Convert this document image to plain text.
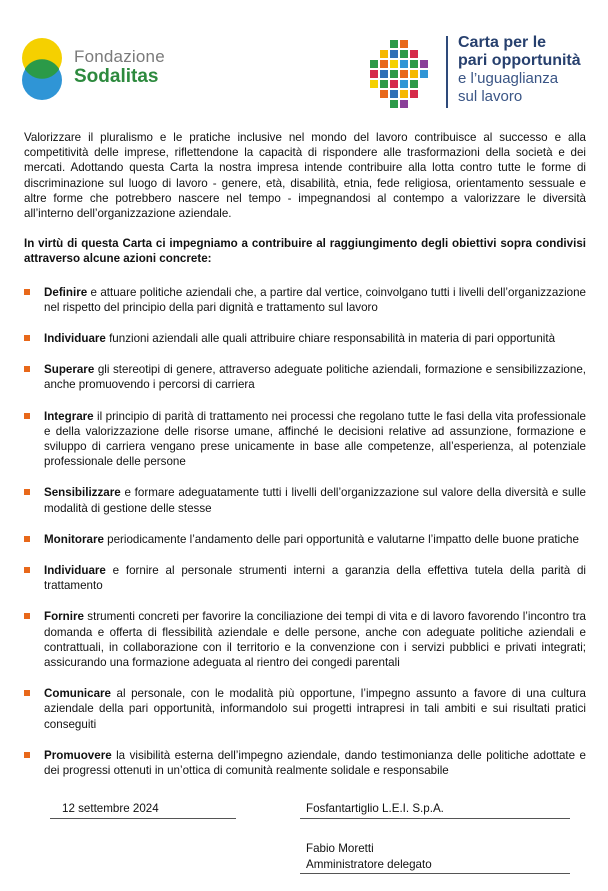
Fondazione
Sodalitas
Carta per le
pari opportunità
e l’uguaglianza
sul lavoro

Valorizzare il pluralismo e le pratiche inclusive nel mondo del lavoro contribuisce al successo e alla competitività delle imprese, riflettendone la capacità di rispondere alle trasformazioni della società e dei mercati. Adottando questa Carta la nostra impresa intende contribuire alla lotta contro tutte le forme di discriminazione sul luogo di lavoro - genere, età, disabilità, etnia, fede religiosa, orientamento sessuale e altre forme che potrebbero nascere nel tempo - impegnandosi al contempo a valorizzare le diversità all’interno dell’organizzazione aziendale.

In virtù di questa Carta ci impegniamo a contribuire al raggiungimento degli obiettivi sopra condivisi attraverso alcune azioni concrete:

Definire e attuare politiche aziendali che, a partire dal vertice, coinvolgano tutti i livelli dell’organizzazione nel rispetto del principio della pari dignità e trattamento sul lavoro
Individuare funzioni aziendali alle quali attribuire chiare responsabilità in materia di pari opportunità
Superare gli stereotipi di genere, attraverso adeguate politiche aziendali, formazione e sensibilizzazione, anche promuovendo i percorsi di carriera
Integrare il principio di parità di trattamento nei processi che regolano tutte le fasi della vita professionale e della valorizzazione delle risorse umane, affinché le decisioni relative ad assunzione, formazione e sviluppo di carriera vengano prese unicamente in base alle competenze, all’esperienza, al potenziale professionale delle persone
Sensibilizzare e formare adeguatamente tutti i livelli dell’organizzazione sul valore della diversità e sulle modalità di gestione delle stesse
Monitorare periodicamente l’andamento delle pari opportunità e valutarne l’impatto delle buone pratiche
Individuare e fornire al personale strumenti interni a garanzia della effettiva tutela della parità di trattamento
Fornire strumenti concreti per favorire la conciliazione dei tempi di vita e di lavoro favorendo l’incontro tra domanda e offerta di flessibilità aziendale e delle persone, anche con adeguate politiche aziendali e contrattuali, in collaborazione con il territorio e la convenzione con i servizi pubblici e privati integrati; assicurando una formazione adeguata al rientro dei congedi parentali
Comunicare al personale, con le modalità più opportune, l’impegno assunto a favore di una cultura aziendale della pari opportunità, informandolo sui progetti intrapresi in tali ambiti e sui risultati pratici conseguiti
Promuovere la visibilità esterna dell’impegno aziendale, dando testimonianza delle politiche adottate e dei progressi ottenuti in un’ottica di comunità realmente solidale e responsabile
12 settembre 2024	Fosfantartiglio L.E.I. S.p.A.
Fabio Moretti
Amministratore delegato
